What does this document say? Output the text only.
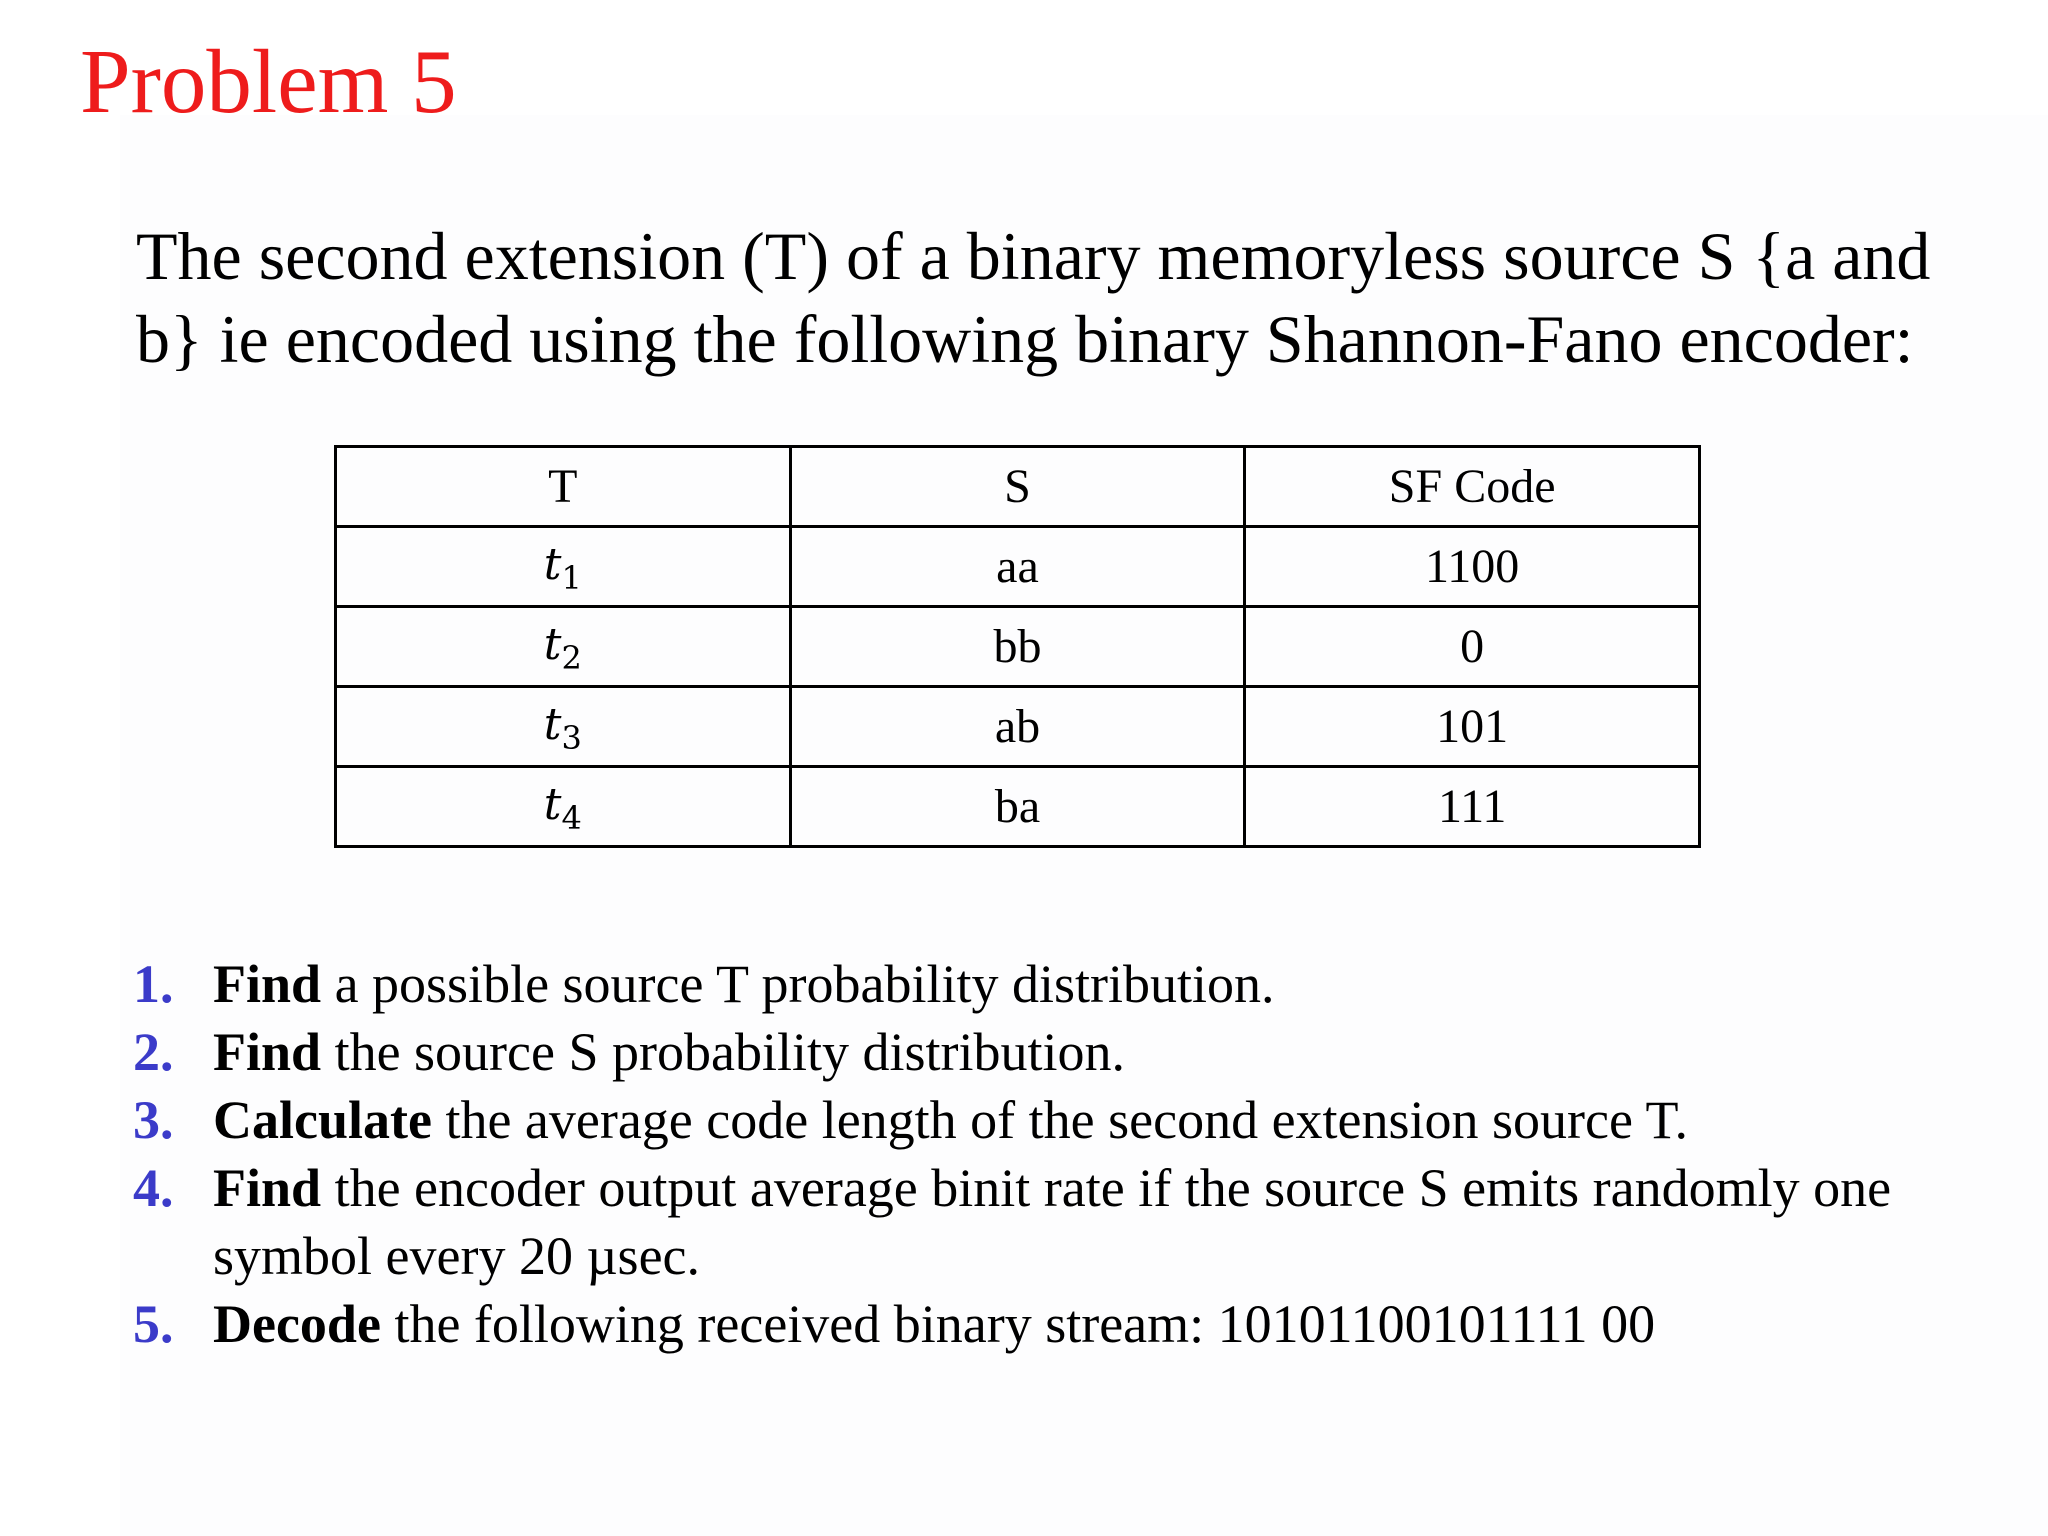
Problem 5

The second extension (T) of a binary memoryless source S {a and b} ie encoded using the following binary Shannon-Fano encoder:

T	S	SF Code
$t_1$	aa	1100
$t_2$	bb	0
$t_3$	ab	101
$t_4$	ba	111
1. Find a possible source T probability distribution.
2. Find the source S probability distribution.
3. Calculate the average code length of the second extension source T.
4. Find the encoder output average binit rate if the source S emits randomly one symbol every 20 µsec.
5. Decode the following received binary stream: 10101100101111 00
